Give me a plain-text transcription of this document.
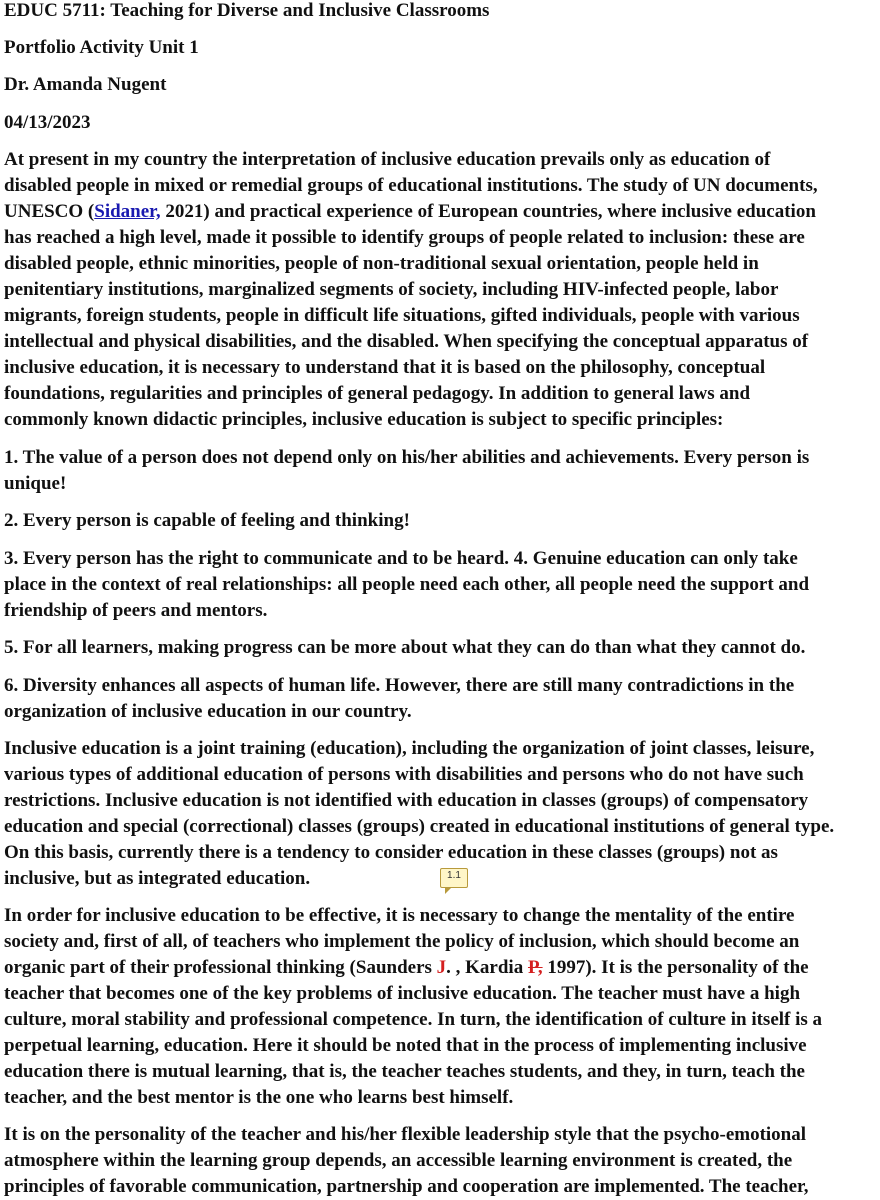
EDUC 5711: Teaching for Diverse and Inclusive Classrooms

Portfolio Activity Unit 1

Dr. Amanda Nugent

04/13/2023

At present in my country the interpretation of inclusive education prevails only as education of

disabled people in mixed or remedial groups of educational institutions. The study of UN documents,

UNESCO (Sidaner, 2021) and practical experience of European countries, where inclusive education

has reached a high level, made it possible to identify groups of people related to inclusion: these are

disabled people, ethnic minorities, people of non-traditional sexual orientation, people held in

penitentiary institutions, marginalized segments of society, including HIV-infected people, labor

migrants, foreign students, people in difficult life situations, gifted individuals, people with various

intellectual and physical disabilities, and the disabled. When specifying the conceptual apparatus of

inclusive education, it is necessary to understand that it is based on the philosophy, conceptual

foundations, regularities and principles of general pedagogy. In addition to general laws and

commonly known didactic principles, inclusive education is subject to specific principles:

1. The value of a person does not depend only on his/her abilities and achievements. Every person is

unique!

2. Every person is capable of feeling and thinking!

3. Every person has the right to communicate and to be heard. 4. Genuine education can only take

place in the context of real relationships: all people need each other, all people need the support and

friendship of peers and mentors.

5. For all learners, making progress can be more about what they can do than what they cannot do.

6. Diversity enhances all aspects of human life. However, there are still many contradictions in the

organization of inclusive education in our country.

Inclusive education is a joint training (education), including the organization of joint classes, leisure,

various types of additional education of persons with disabilities and persons who do not have such

restrictions. Inclusive education is not identified with education in classes (groups) of compensatory

education and special (correctional) classes (groups) created in educational institutions of general type.

On this basis, currently there is a tendency to consider education in these classes (groups) not as

inclusive, but as integrated education.	1.1

In order for inclusive education to be effective, it is necessary to change the mentality of the entire

society and, first of all, of teachers who implement the policy of inclusion, which should become an

organic part of their professional thinking (Saunders J. , Kardia P, 1997). It is the personality of the

teacher that becomes one of the key problems of inclusive education. The teacher must have a high

culture, moral stability and professional competence. In turn, the identification of culture in itself is a

perpetual learning, education. Here it should be noted that in the process of implementing inclusive

education there is mutual learning, that is, the teacher teaches students, and they, in turn, teach the

teacher, and the best mentor is the one who learns best himself.

It is on the personality of the teacher and his/her flexible leadership style that the psycho-emotional

atmosphere within the learning group depends, an accessible learning environment is created, the

principles of favorable communication, partnership and cooperation are implemented. The teacher,
